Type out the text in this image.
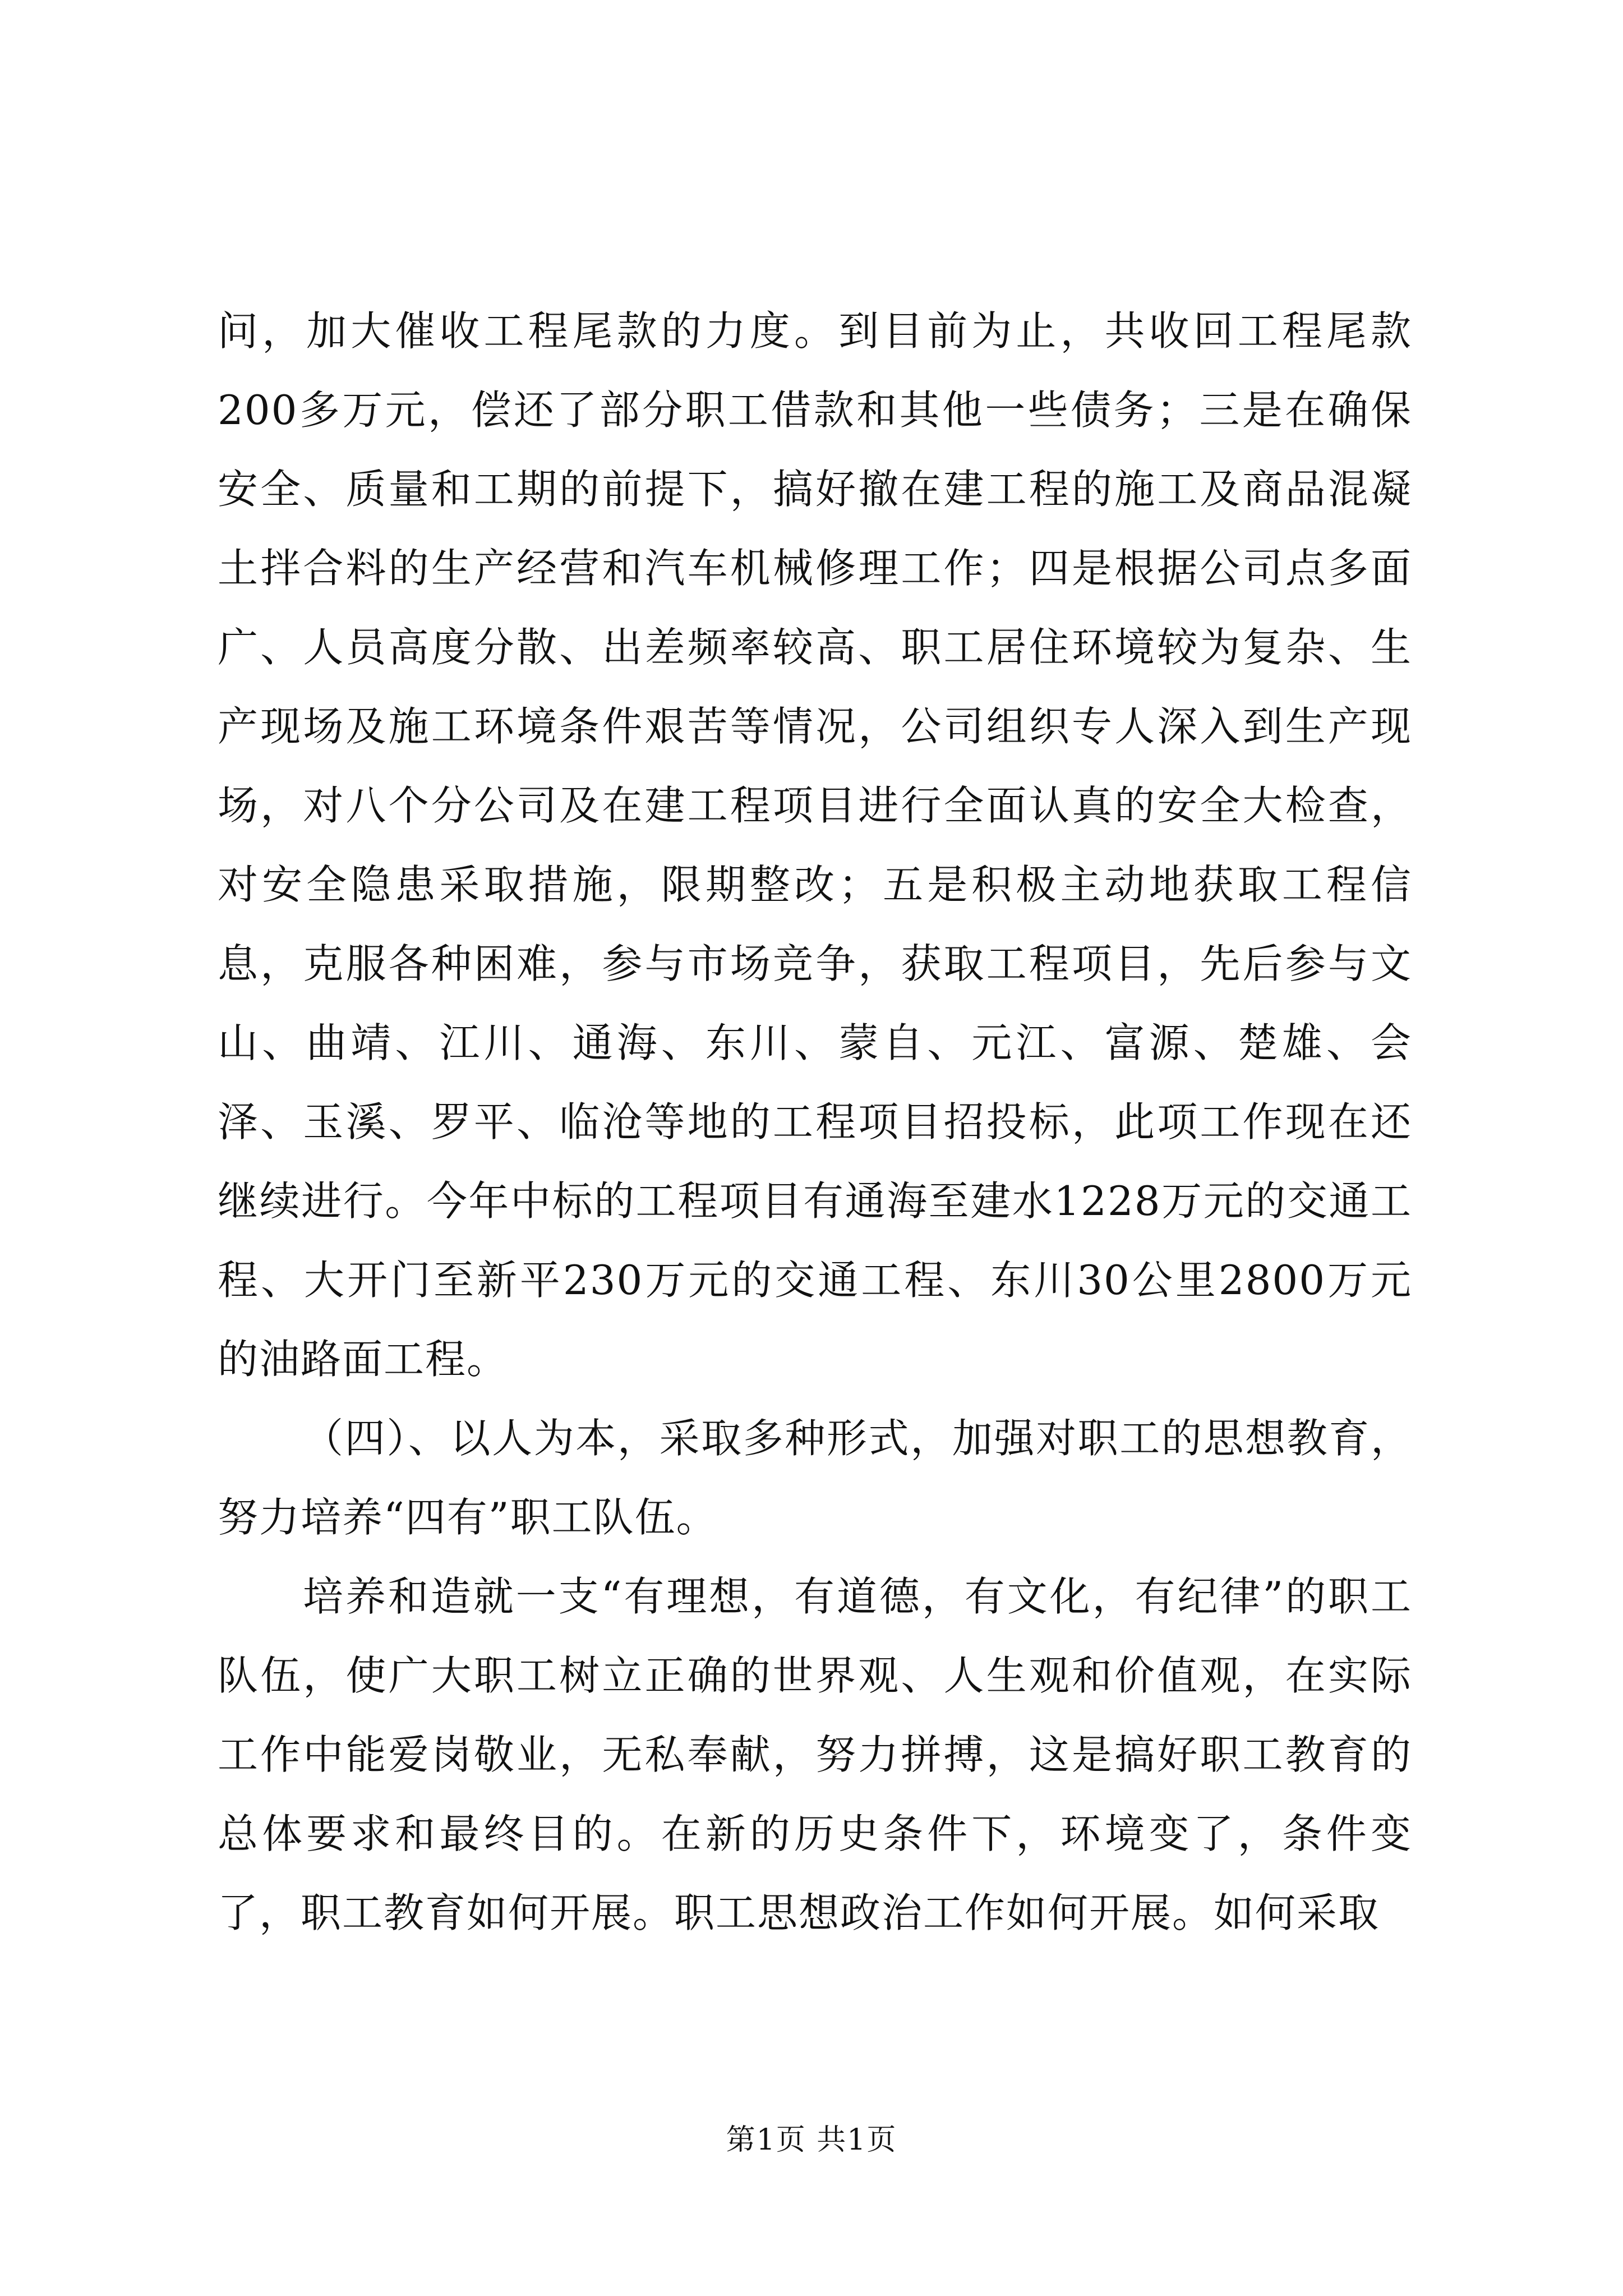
问，加大催收工程尾款的力度。到目前为止，共收回工程尾款200多万元，偿还了部分职工借款和其他一些债务；三是在确保安全、质量和工期的前提下，搞好撤在建工程的施工及商品混凝土拌合料的生产经营和汽车机械修理工作；四是根据公司点多面广、人员高度分散、出差频率较高、职工居住环境较为复杂、生产现场及施工环境条件艰苦等情况，公司组织专人深入到生产现场，对八个分公司及在建工程项目进行全面认真的安全大检查，对安全隐患采取措施，限期整改；五是积极主动地获取工程信息，克服各种困难，参与市场竞争，获取工程项目，先后参与文山、曲靖、江川、通海、东川、蒙自、元江、富源、楚雄、会泽、玉溪、罗平、临沧等地的工程项目招投标，此项工作现在还继续进行。今年中标的工程项目有通海至建水1228万元的交通工程、大开门至新平230万元的交通工程、东川30公里2800万元的油路面工程。

（四）、以人为本，采取多种形式，加强对职工的思想教育，努力培养“四有”职工队伍。

培养和造就一支“有理想，有道德，有文化，有纪律”的职工队伍，使广大职工树立正确的世界观、人生观和价值观，在实际工作中能爱岗敬业，无私奉献，努力拼搏，这是搞好职工教育的总体要求和最终目的。在新的历史条件下，环境变了，条件变了，职工教育如何开展。职工思想政治工作如何开展。如何采取

第1页 共1页
